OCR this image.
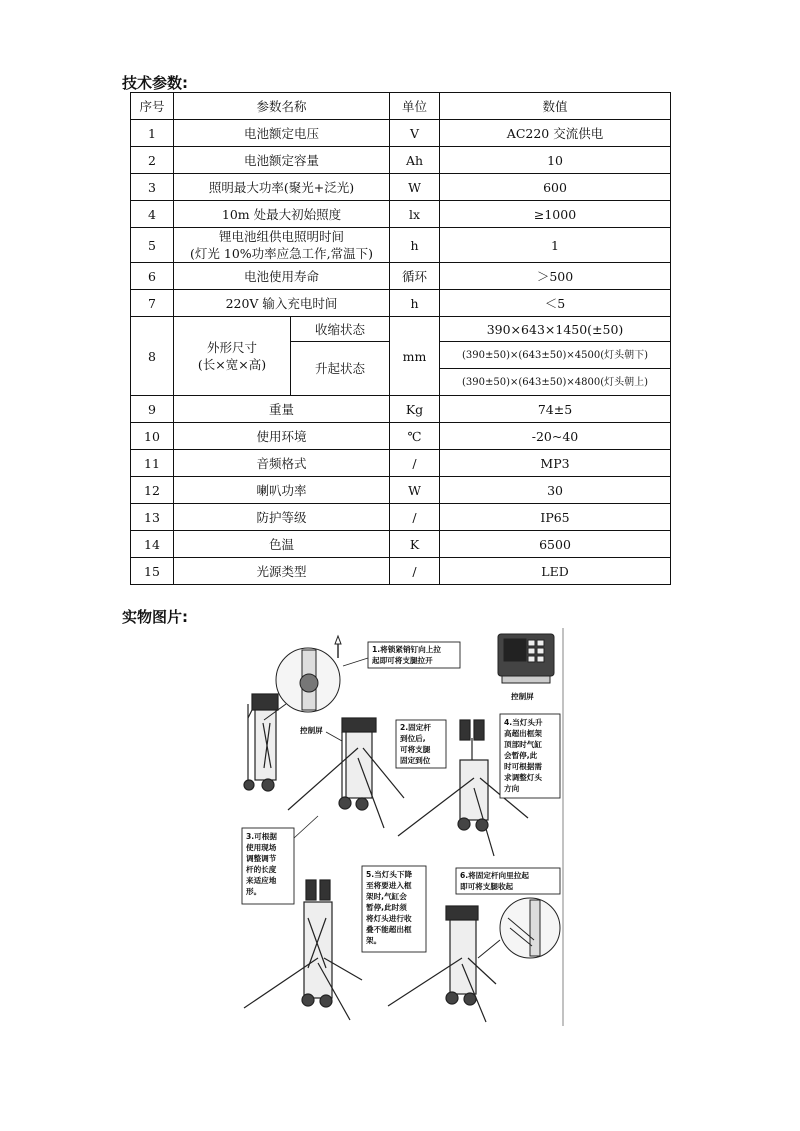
技术参数:
序号	参数名称		单位	数值
1	电池额定电压		V	AC220 交流供电
2	电池额定容量		Ah	10
3	照明最大功率(聚光+泛光)		W	600
4	10m 处最大初始照度		lx	≥1000
5	锂电池组供电照明时间
(灯光 10%功率应急工作,常温下)		h	1
6	电池使用寿命		循环	＞500
7	220V 输入充电时间		h	＜5
8	外形尺寸
(长×宽×高)	收缩状态	mm	390×643×1450(±50)
		升起状态		(390±50)×(643±50)×4500(灯头朝下)
				(390±50)×(643±50)×4800(灯头朝上)
9	重量		Kg	74±5
10	使用环境		℃	-20~40
11	音频格式		/	MP3
12	喇叭功率		W	30
13	防护等级		/	IP65
14	色温		K	6500
15	光源类型		/	LED
实物图片:
1.将锁紧销钉向上拉
起即可将支腿拉开
控制屏
控制屏	2.固定杆
到位后,
可将支腿
固定到位
4.当灯头升
高超出框架
顶部时气缸
会暂停,此
时可根据需
求调整灯头
方向
3.可根据
使用现场
调整调节
杆的长度
来适应地
形。
5.当灯头下降
至将要进入框
架时,气缸会
暂停,此时须
将灯头进行收
叠不能超出框
架。
6.将固定杆向里拉起
即可将支腿收起
